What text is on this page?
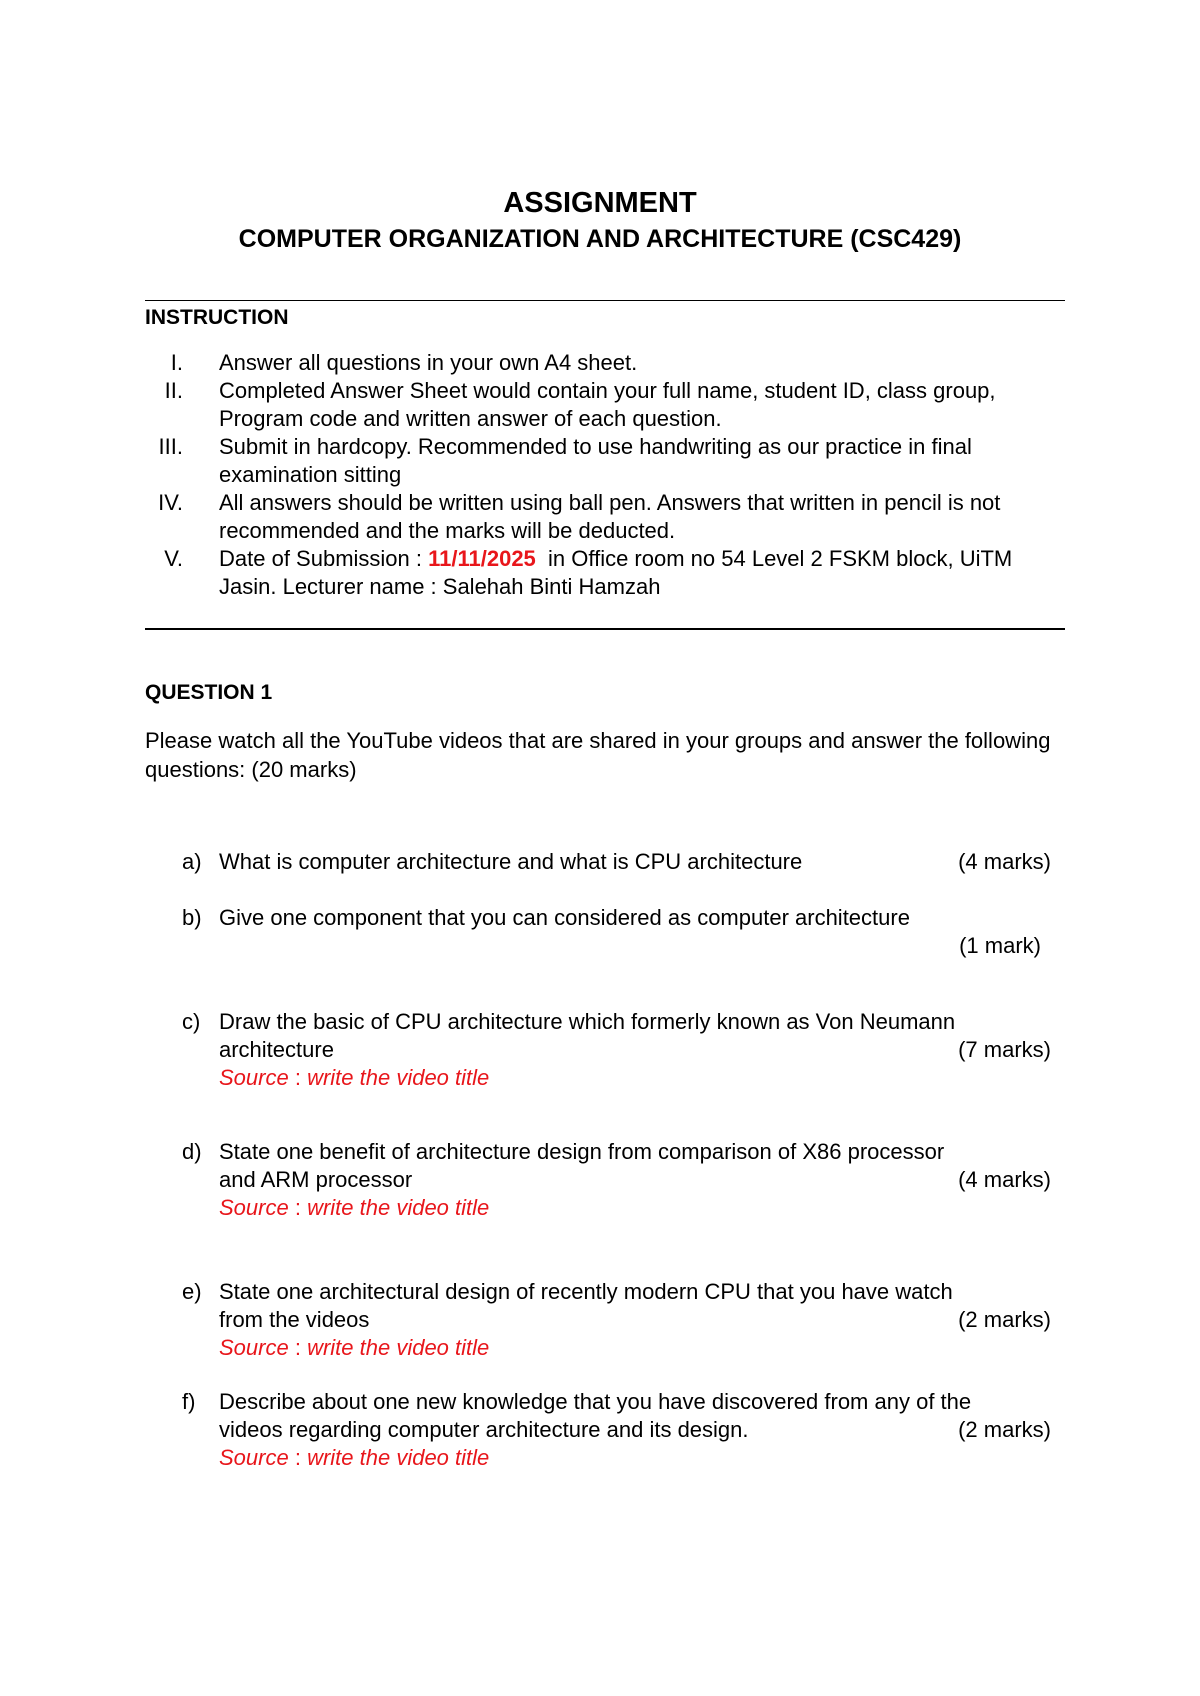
ASSIGNMENT
COMPUTER ORGANIZATION AND ARCHITECTURE (CSC429)
INSTRUCTION
I. Answer all questions in your own A4 sheet.
II. Completed Answer Sheet would contain your full name, student ID, class group, Program code and written answer of each question.
III. Submit in hardcopy. Recommended to use handwriting as our practice in final examination sitting
IV. All answers should be written using ball pen. Answers that written in pencil is not recommended and the marks will be deducted.
V. Date of Submission : 11/11/2025  in Office room no 54 Level 2 FSKM block, UiTM Jasin. Lecturer name : Salehah Binti Hamzah
QUESTION 1
Please watch all the YouTube videos that are shared in your groups and answer the following questions: (20 marks)
a) What is computer architecture and what is CPU architecture	(4 marks)
b) Give one component that you can considered as computer architecture
(1 mark)
c) Draw the basic of CPU architecture which formerly known as Von Neumann
architecture	(7 marks)
Source : write the video title
d) State one benefit of architecture design from comparison of X86 processor
and ARM processor	(4 marks)
Source : write the video title
e) State one architectural design of recently modern CPU that you have watch
from the videos	(2 marks)
Source : write the video title
f) Describe about one new knowledge that you have discovered from any of the
videos regarding computer architecture and its design.	(2 marks)
Source : write the video title
